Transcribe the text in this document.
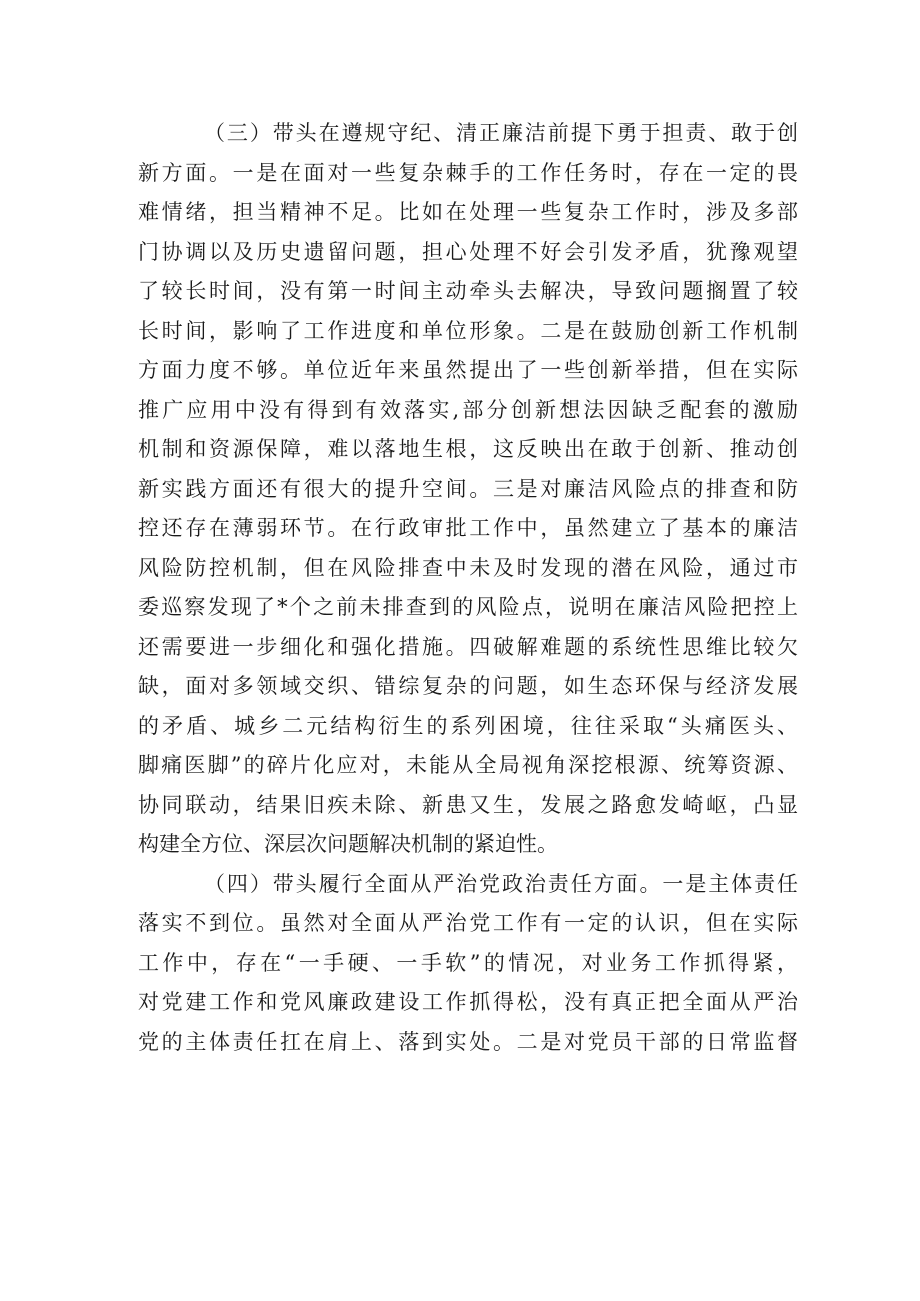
（三）带头在遵规守纪、清正廉洁前提下勇于担责、敢于创
新方面。一是在面对一些复杂棘手的工作任务时，存在一定的畏
难情绪，担当精神不足。比如在处理一些复杂工作时，涉及多部
门协调以及历史遗留问题，担心处理不好会引发矛盾，犹豫观望
了较长时间，没有第一时间主动牵头去解决，导致问题搁置了较
长时间，影响了工作进度和单位形象。二是在鼓励创新工作机制
方面力度不够。单位近年来虽然提出了一些创新举措，但在实际
推广应用中没有得到有效落实,部分创新想法因缺乏配套的激励
机制和资源保障，难以落地生根，这反映出在敢于创新、推动创
新实践方面还有很大的提升空间。三是对廉洁风险点的排查和防
控还存在薄弱环节。在行政审批工作中，虽然建立了基本的廉洁
风险防控机制，但在风险排查中未及时发现的潜在风险，通过市
委巡察发现了*个之前未排查到的风险点，说明在廉洁风险把控上
还需要进一步细化和强化措施。四破解难题的系统性思维比较欠
缺，面对多领域交织、错综复杂的问题，如生态环保与经济发展
的矛盾、城乡二元结构衍生的系列困境，往往采取“头痛医头、
脚痛医脚”的碎片化应对，未能从全局视角深挖根源、统筹资源、
协同联动，结果旧疾未除、新患又生，发展之路愈发崎岖，凸显
构建全方位、深层次问题解决机制的紧迫性。
（四）带头履行全面从严治党政治责任方面。一是主体责任
落实不到位。虽然对全面从严治党工作有一定的认识，但在实际
工作中，存在“一手硬、一手软”的情况，对业务工作抓得紧，
对党建工作和党风廉政建设工作抓得松，没有真正把全面从严治
党的主体责任扛在肩上、落到实处。二是对党员干部的日常监督
